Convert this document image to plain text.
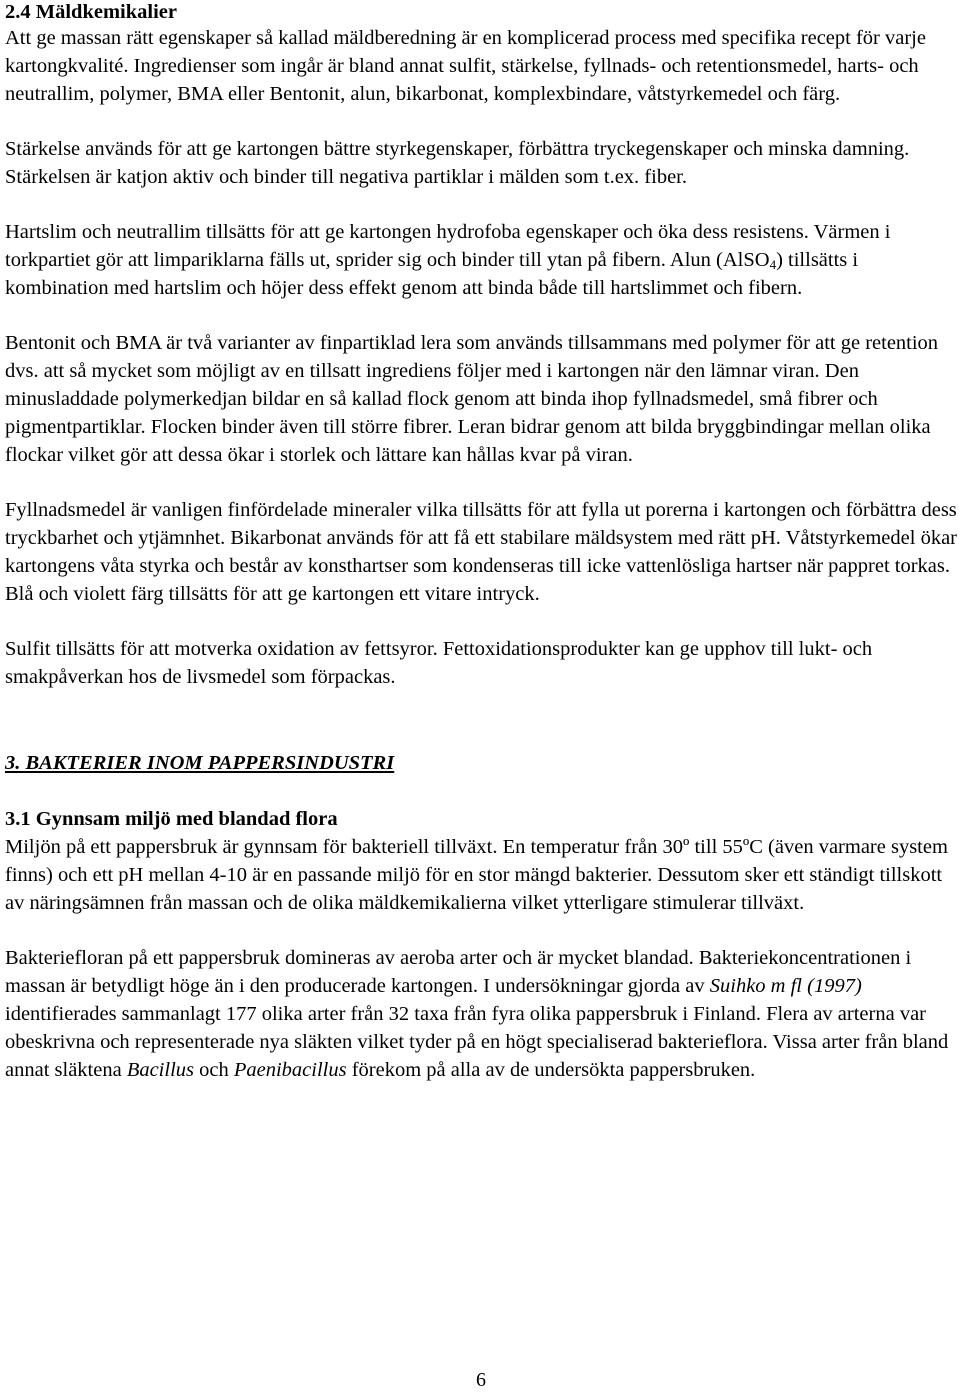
2.4 Mäldkemikalier

Att ge massan rätt egenskaper så kallad mäldberedning är en komplicerad process med specifika recept för varje kartongkvalité. Ingredienser som ingår är bland annat sulfit, stärkelse, fyllnads- och retentionsmedel, harts- och neutrallim, polymer, BMA eller Bentonit, alun, bikarbonat, komplexbindare, våtstyrkemedel och färg.

Stärkelse används för att ge kartongen bättre styrkegenskaper, förbättra tryckegenskaper och minska damning. Stärkelsen är katjon aktiv och binder till negativa partiklar i mälden som t.ex. fiber.

Hartslim och neutrallim tillsätts för att ge kartongen hydrofoba egenskaper och öka dess resistens. Värmen i torkpartiet gör att limpariklarna fälls ut, sprider sig och binder till ytan på fibern. Alun (AlSO$_4$) tillsätts i kombination med hartslim och höjer dess effekt genom att binda både till hartslimmet och fibern.

Bentonit och BMA är två varianter av finpartiklad lera som används tillsammans med polymer för att ge retention dvs. att så mycket som möjligt av en tillsatt ingrediens följer med i kartongen när den lämnar viran. Den minusladdade polymerkedjan bildar en så kallad flock genom att binda ihop fyllnadsmedel, små fibrer och pigmentpartiklar. Flocken binder även till större fibrer. Leran bidrar genom att bilda bryggbindingar mellan olika flockar vilket gör att dessa ökar i storlek och lättare kan hållas kvar på viran.

Fyllnadsmedel är vanligen finfördelade mineraler vilka tillsätts för att fylla ut porerna i kartongen och förbättra dess tryckbarhet och ytjämnhet. Bikarbonat används för att få ett stabilare mäldsystem med rätt pH. Våtstyrkemedel ökar kartongens våta styrka och består av konsthartser som kondenseras till icke vattenlösliga hartser när pappret torkas. Blå och violett färg tillsätts för att ge kartongen ett vitare intryck.

Sulfit tillsätts för att motverka oxidation av fettsyror. Fettoxidationsprodukter kan ge upphov till lukt- och smakpåverkan hos de livsmedel som förpackas.

3. BAKTERIER INOM PAPPERSINDUSTRI

3.1 Gynnsam miljö med blandad flora

Miljön på ett pappersbruk är gynnsam för bakteriell tillväxt. En temperatur från 30º till 55ºC (även varmare system finns) och ett pH mellan 4-10 är en passande miljö för en stor mängd bakterier. Dessutom sker ett ständigt tillskott av näringsämnen från massan och de olika mäldkemikalierna vilket ytterligare stimulerar tillväxt.

Bakteriefloran på ett pappersbruk domineras av aeroba arter och är mycket blandad. Bakteriekoncentrationen i massan är betydligt höge än i den producerade kartongen. I undersökningar gjorda av Suihko m fl (1997) identifierades sammanlagt 177 olika arter från 32 taxa från fyra olika pappersbruk i Finland. Flera av arterna var obeskrivna och representerade nya släkten vilket tyder på en högt specialiserad bakterieflora. Vissa arter från bland annat släktena Bacillus och Paenibacillus förekom på alla av de undersökta pappersbruken.

6
